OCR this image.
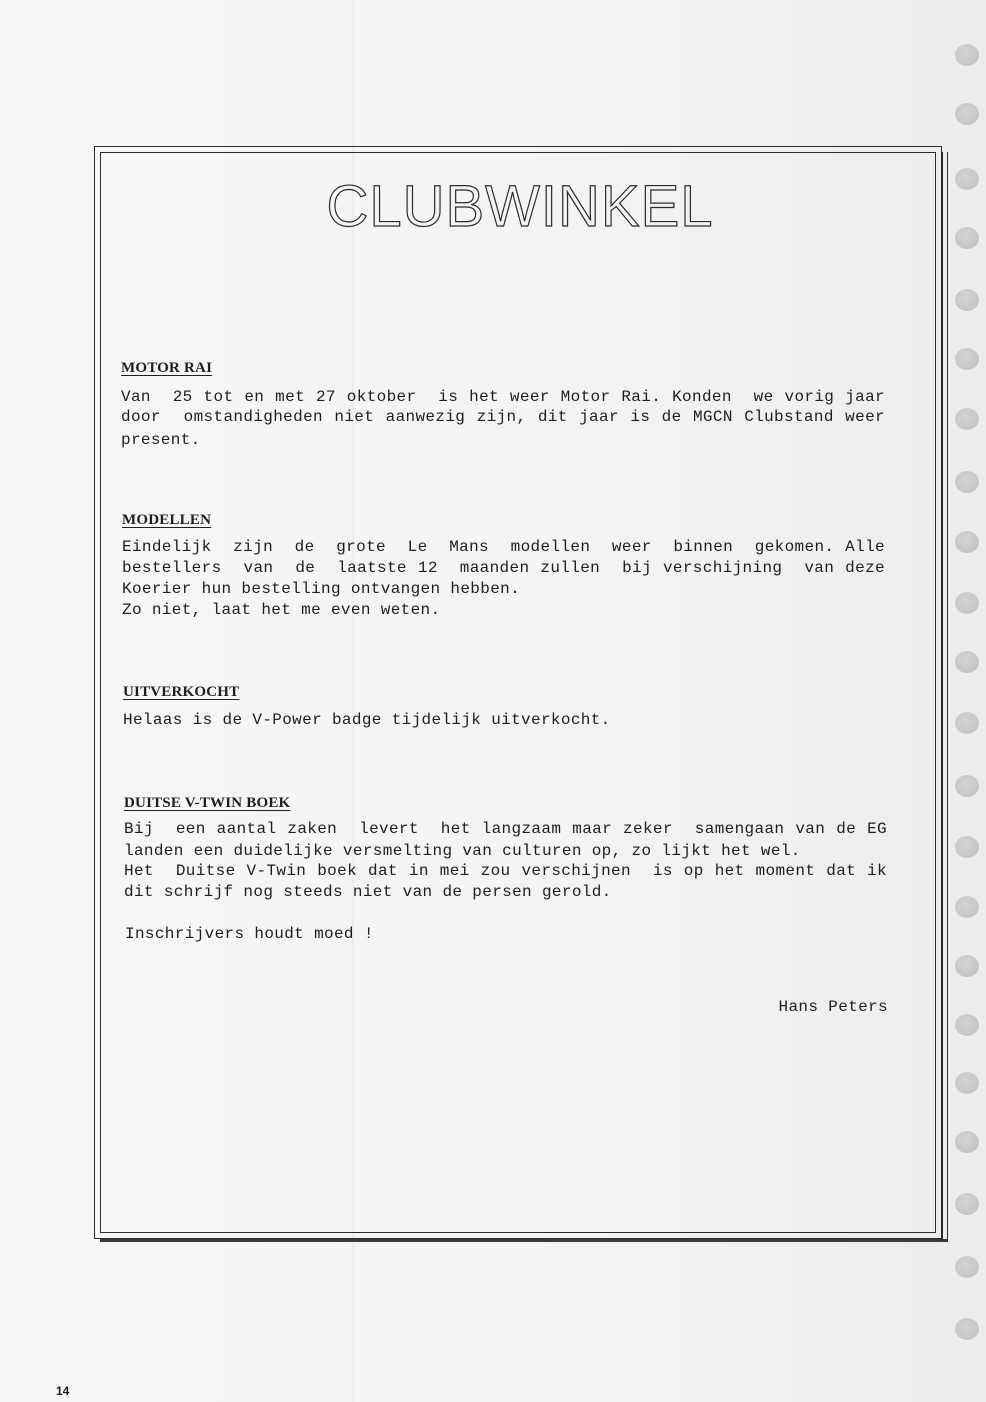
CLUBWINKEL
MOTOR RAI
Van  25 tot en met 27 oktober  is het weer Motor Rai. Konden  we vorig jaar
door  omstandigheden niet aanwezig zijn, dit jaar is de MGCN Clubstand weer
present.
MODELLEN
Eindelijk  zijn  de  grote  Le  Mans  modellen  weer  binnen  gekomen. Alle
bestellers  van  de  laatste 12  maanden zullen  bij verschijning  van deze
Koerier hun bestelling ontvangen hebben.
Zo niet, laat het me even weten.
UITVERKOCHT
Helaas is de V-Power badge tijdelijk uitverkocht.
DUITSE V-TWIN BOEK
Bij  een aantal zaken  levert  het langzaam maar zeker  samengaan van de EG
landen een duidelijke versmelting van culturen op, zo lijkt het wel.
Het  Duitse V-Twin boek dat in mei zou verschijnen  is op het moment dat ik
dit schrijf nog steeds niet van de persen gerold.
Inschrijvers houdt moed !
Hans Peters
14
